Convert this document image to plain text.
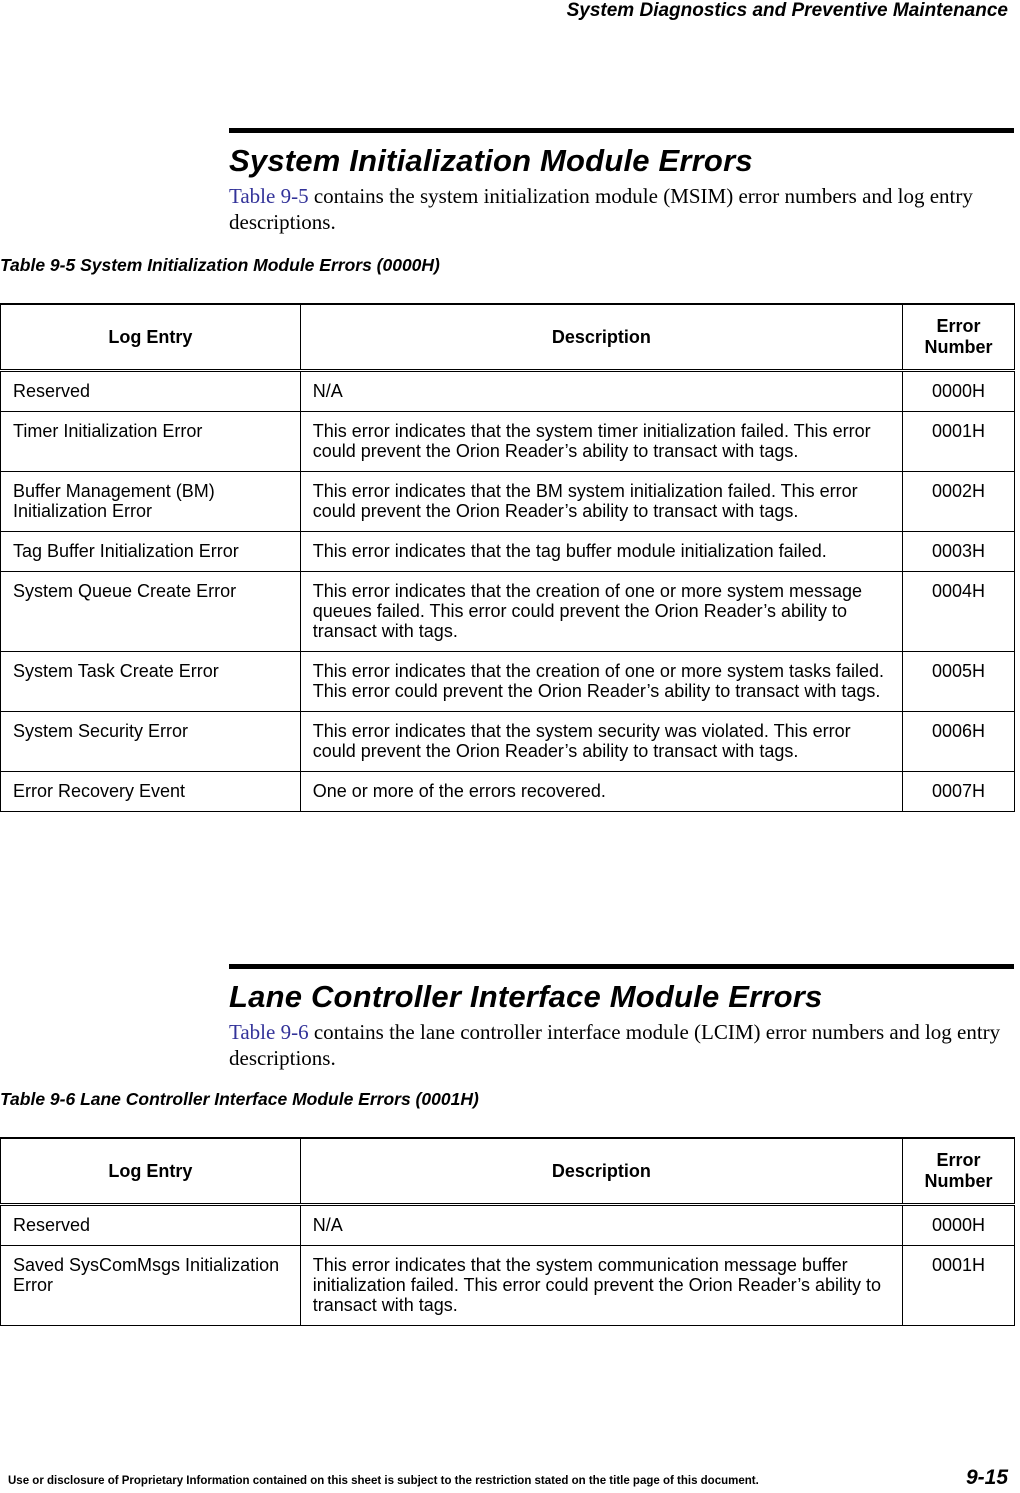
System Diagnostics and Preventive Maintenance
System Initialization Module Errors

Table 9-5 contains the system initialization module (MSIM) error numbers and log entry descriptions.

Table 9-5 System Initialization Module Errors (0000H)
Log Entry	Description	Error Number
Reserved	N/A	0000H
Timer Initialization Error	This error indicates that the system timer initialization failed. This error could prevent the Orion Reader’s ability to transact with tags.	0001H
Buffer Management (BM) Initialization Error	This error indicates that the BM system initialization failed. This error could prevent the Orion Reader’s ability to transact with tags.	0002H
Tag Buffer Initialization Error	This error indicates that the tag buffer module initialization failed.	0003H
System Queue Create Error	This error indicates that the creation of one or more system message queues failed. This error could prevent the Orion Reader’s ability to transact with tags.	0004H
System Task Create Error	This error indicates that the creation of one or more system tasks failed. This error could prevent the Orion Reader’s ability to transact with tags.	0005H
System Security Error	This error indicates that the system security was violated. This error could prevent the Orion Reader’s ability to transact with tags.	0006H
Error Recovery Event	One or more of the errors recovered.	0007H
Lane Controller Interface Module Errors

Table 9-6 contains the lane controller interface module (LCIM) error numbers and log entry descriptions.

Table 9-6 Lane Controller Interface Module Errors (0001H)
Log Entry	Description	Error Number
Reserved	N/A	0000H
Saved SysComMsgs Initialization Error	This error indicates that the system communication message buffer initialization failed. This error could prevent the Orion Reader’s ability to transact with tags.	0001H
Use or disclosure of Proprietary Information contained on this sheet is subject to the restriction stated on the title page of this document.	9-15
